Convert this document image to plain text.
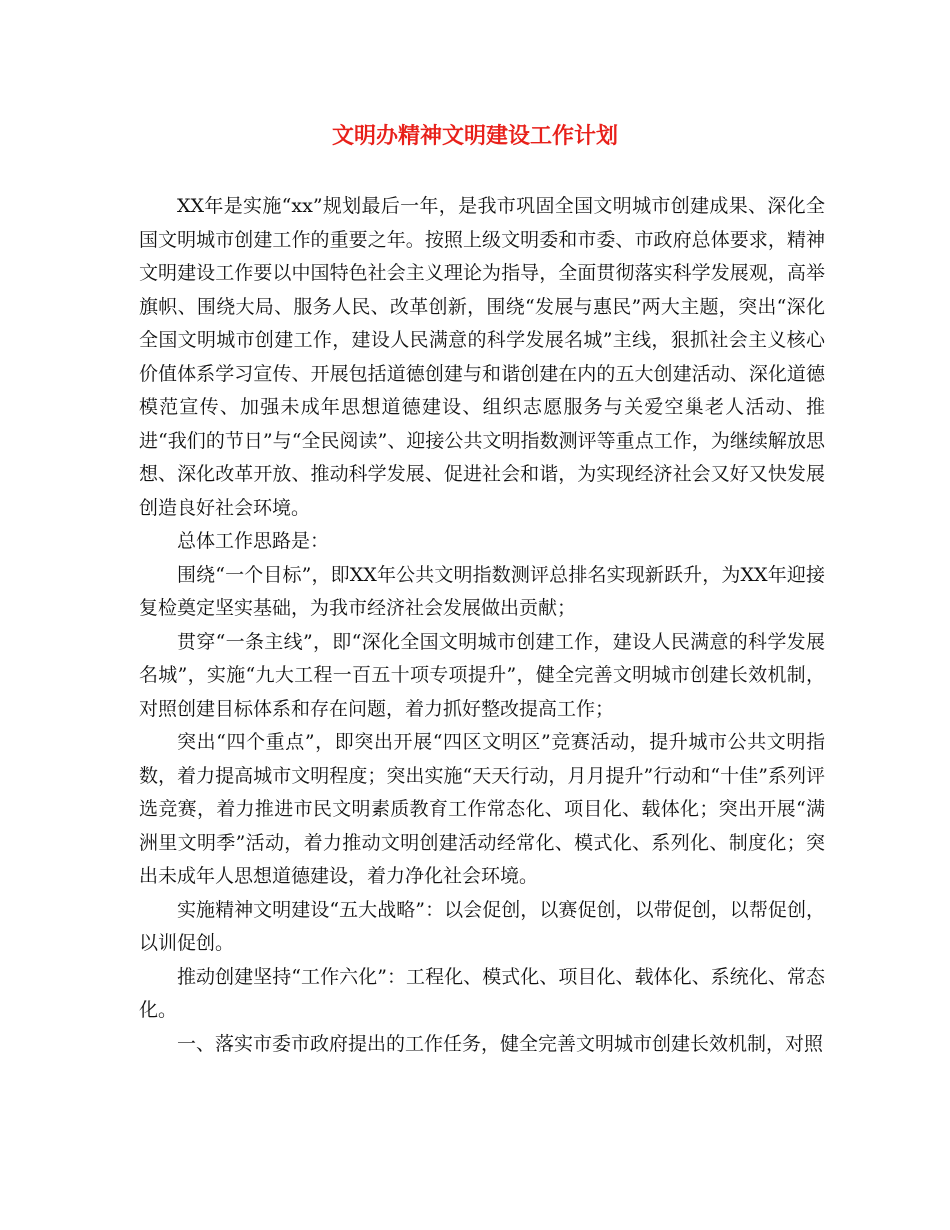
文明办精神文明建设工作计划

XX年是实施“xx”规划最后一年，是我市巩固全国文明城市创建成果、深化全国文明城市创建工作的重要之年。按照上级文明委和市委、市政府总体要求，精神文明建设工作要以中国特色社会主义理论为指导，全面贯彻落实科学发展观，高举旗帜、围绕大局、服务人民、改革创新，围绕“发展与惠民”两大主题，突出“深化全国文明城市创建工作，建设人民满意的科学发展名城”主线，狠抓社会主义核心价值体系学习宣传、开展包括道德创建与和谐创建在内的五大创建活动、深化道德模范宣传、加强未成年思想道德建设、组织志愿服务与关爱空巢老人活动、推进“我们的节日”与“全民阅读”、迎接公共文明指数测评等重点工作，为继续解放思想、深化改革开放、推动科学发展、促进社会和谐，为实现经济社会又好又快发展创造良好社会环境。

总体工作思路是：

围绕“一个目标”，即XX年公共文明指数测评总排名实现新跃升，为XX年迎接复检奠定坚实基础，为我市经济社会发展做出贡献；

贯穿“一条主线”，即“深化全国文明城市创建工作，建设人民满意的科学发展名城”，实施“九大工程一百五十项专项提升”，健全完善文明城市创建长效机制，对照创建目标体系和存在问题，着力抓好整改提高工作；

突出“四个重点”，即突出开展“四区文明区”竞赛活动，提升城市公共文明指数，着力提高城市文明程度；突出实施“天天行动，月月提升”行动和“十佳”系列评选竞赛，着力推进市民文明素质教育工作常态化、项目化、载体化；突出开展“满洲里文明季”活动，着力推动文明创建活动经常化、模式化、系列化、制度化；突出未成年人思想道德建设，着力净化社会环境。

实施精神文明建设“五大战略”：以会促创，以赛促创，以带促创，以帮促创，以训促创。

推动创建坚持“工作六化”：工程化、模式化、项目化、载体化、系统化、常态化。

一、落实市委市政府提出的工作任务，健全完善文明城市创建长效机制，对照
